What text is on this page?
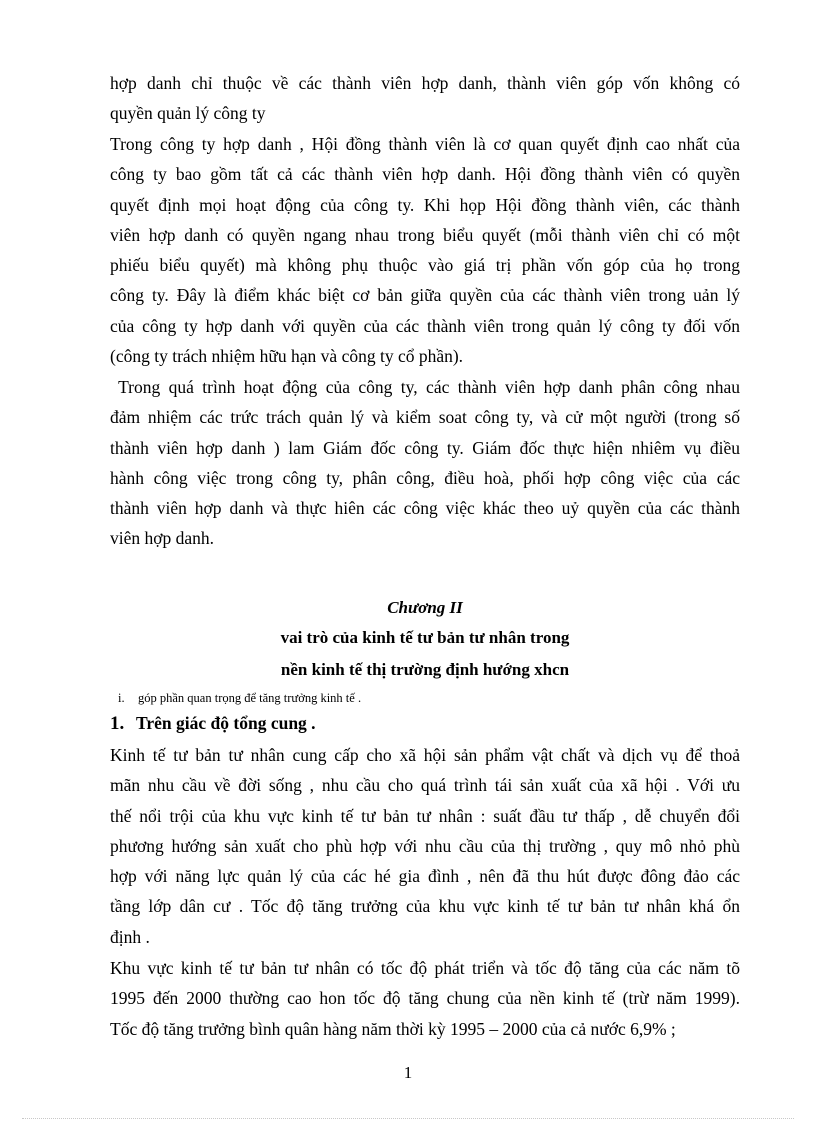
hợp danh chỉ thuộc về các thành viên hợp danh, thành viên góp vốn không có
quyền quản lý công ty
Trong công ty hợp danh , Hội đồng thành viên là cơ quan quyết định cao nhất của
công ty bao gồm tất cả các thành viên hợp danh. Hội đồng thành viên có quyền
quyết định mọi hoạt động của công ty. Khi họp Hội đồng thành viên, các thành
viên hợp danh có quyền ngang nhau trong biểu quyết (mỗi thành viên chỉ có một
phiếu biểu quyết) mà không phụ thuộc vào giá trị phần vốn góp của họ trong
công ty. Đây là điểm khác biệt cơ bản giữa quyền của các thành viên trong uản lý
của công ty hợp danh với quyền của các thành viên trong quản lý công ty đối vốn
(công ty trách nhiệm hữu hạn và công ty cổ phần).
Trong quá trình hoạt động của công ty, các thành viên hợp danh phân công nhau
đảm nhiệm các trức trách quản lý và kiểm soat công ty, và cử một người (trong số
thành viên hợp danh ) lam Giám đốc công ty. Giám đốc thực hiện nhiêm vụ điều
hành công việc trong công ty, phân công, điều hoà, phối hợp công việc của các
thành viên hợp danh và thực hiên các công việc khác theo uỷ quyền của các thành
viên hợp danh.
Chương II
vai trò của kinh tế tư bản tư nhân trong
nền kinh tế thị trường định hướng xhcn
i. góp phần quan trọng để tăng trưởng kinh tế .
1. Trên giác độ tổng cung .
Kinh tế tư bản tư nhân cung cấp cho xã hội sản phẩm vật chất và dịch vụ để thoả
mãn nhu cầu về đời sống , nhu cầu cho quá trình tái sản xuất của xã hội . Với ưu
thế nổi trội của khu vực kinh tế tư bản tư nhân : suất đầu tư thấp , dễ chuyển đổi
phương hướng sản xuất cho phù hợp với nhu cầu của thị trường , quy mô nhỏ phù
hợp với năng lực quản lý của các hé gia đình , nên đã thu hút được đông đảo các
tầng lớp dân cư . Tốc độ tăng trưởng của khu vực kinh tế tư bản tư nhân khá ổn
định .
Khu vực kinh tế tư bản tư nhân có tốc độ phát triển và tốc độ tăng của các năm tõ
1995 đến 2000 thường cao hon tốc độ tăng chung của nền kinh tế (trừ năm 1999).
Tốc độ tăng trưởng bình quân hàng năm thời kỳ 1995 – 2000 của cả nước 6,9% ;
1
